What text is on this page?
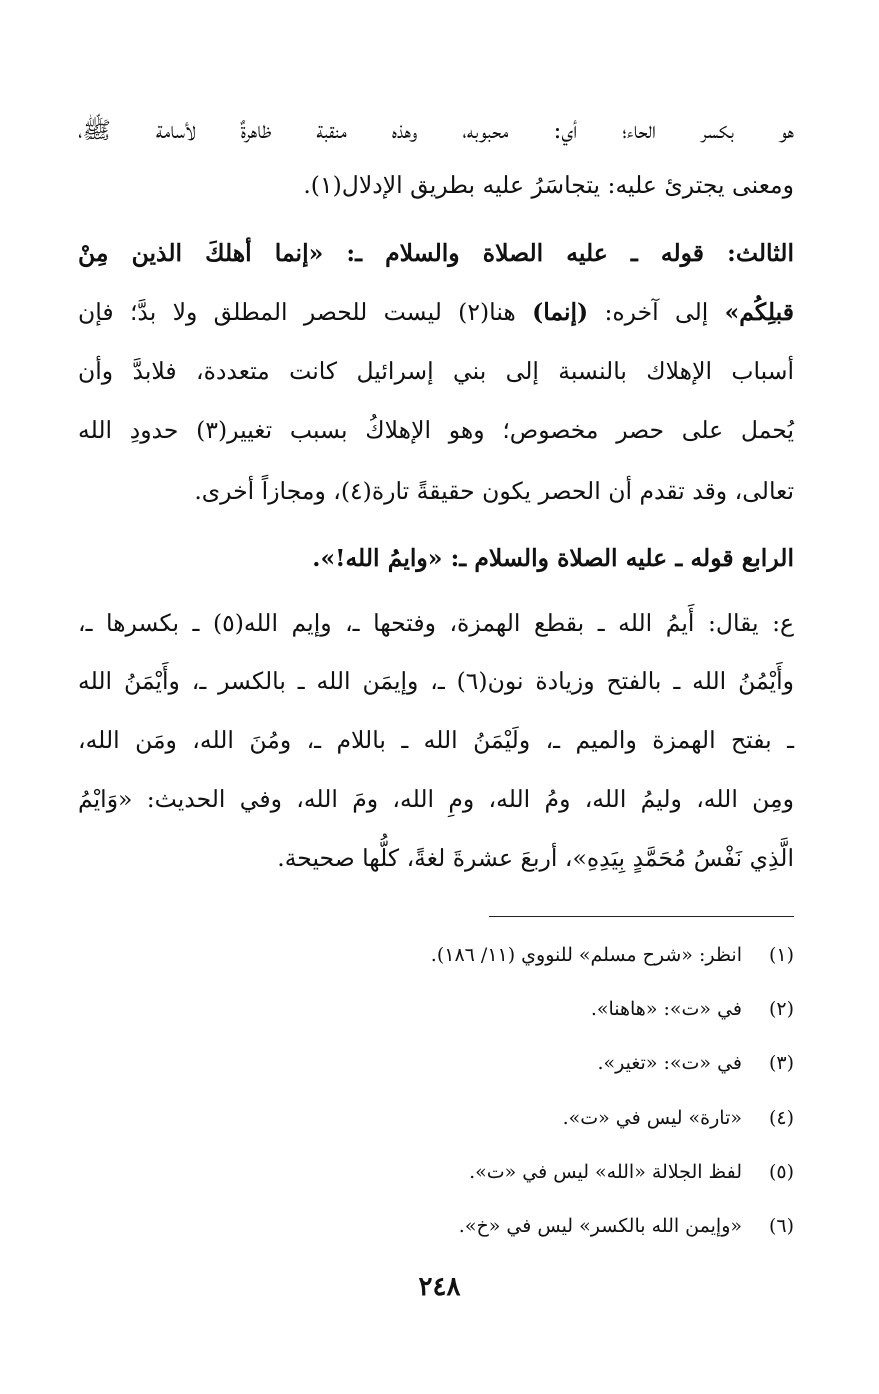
هو بكسر الحاء؛ أي: محبوبه، وهذه منقبة ظاهرةٌ لأسامة ﷺ،
ومعنى يجترئ عليه: يتجاسَرُ عليه بطريق الإدلال(١).
الثالث: قوله ـ عليه الصلاة والسلام ـ: «إنما أهلكَ الذين مِنْ
قبلِكُم» إلى آخره: (إنما) هنا(٢) ليست للحصر المطلق ولا بدَّ؛ فإن
أسباب الإهلاك بالنسبة إلى بني إسرائيل كانت متعددة، فلابدَّ وأن
يُحمل على حصر مخصوص؛ وهو الإهلاكُ بسبب تغيير(٣) حدودِ الله
تعالى، وقد تقدم أن الحصر يكون حقيقةً تارة(٤)، ومجازاً أخرى.
الرابع قوله ـ عليه الصلاة والسلام ـ: «وايمُ الله!».
ع: يقال: أَيمُ الله ـ بقطع الهمزة، وفتحها ـ، وإيم الله(٥) ـ بكسرها ـ،
وأَيْمُنُ الله ـ بالفتح وزيادة نون(٦) ـ، وإيمَن الله ـ بالكسر ـ، وأَيْمَنُ الله
ـ بفتح الهمزة والميم ـ، ولَيْمَنُ الله ـ باللام ـ، ومُنَ الله، ومَن الله،
ومِن الله، وليمُ الله، ومُ الله، ومِ الله، ومَ الله، وفي الحديث: «وَايْمُ
الَّذِي نَفْسُ مُحَمَّدٍ بِيَدِهِ»، أربعَ عشرةَ لغةً، كلُّها صحيحة.
(١)انظر: «شرح مسلم» للنووي (١١/ ١٨٦).
(٢)في «ت»: «هاهنا».
(٣)في «ت»: «تغير».
(٤)«تارة» ليس في «ت».
(٥)لفظ الجلالة «الله» ليس في «ت».
(٦)«وإيمن الله بالكسر» ليس في «خ».
٢٤٨
